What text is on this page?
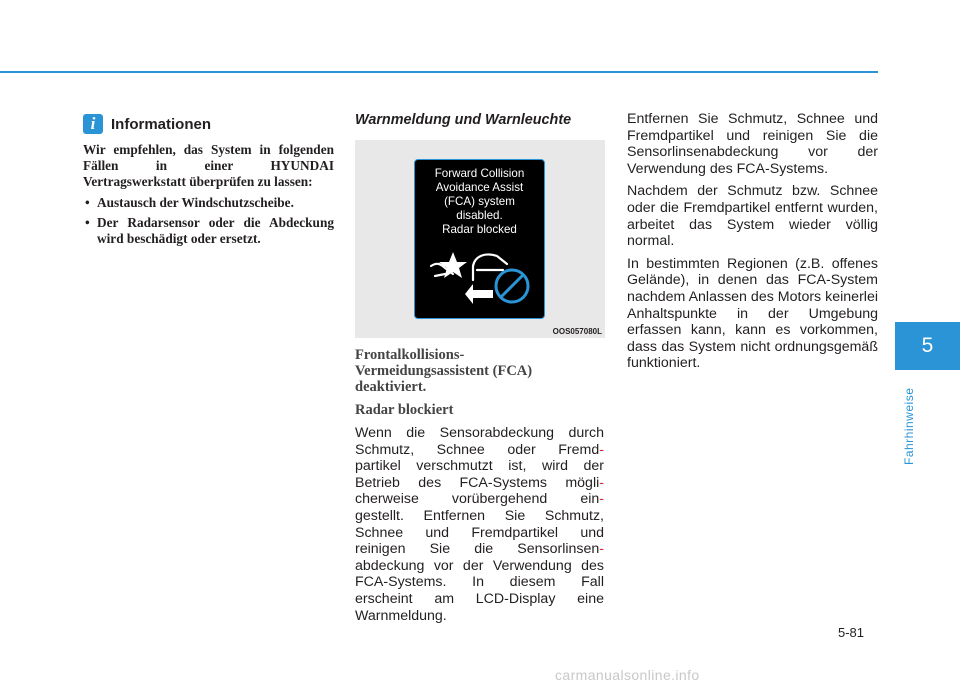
5
Fahrhinweise
i	Informationen

Wir empfehlen, das System in folgenden Fällen in einer HYUNDAI Vertragswerkstatt überprüfen zu lassen:

• Austausch der Windschutzscheibe.
• Der Radarsensor oder die Abdeckung wird beschädigt oder ersetzt.
Warnmeldung und Warnleuchte
Forward Collision
Avoidance Assist
(FCA) system
disabled.
Radar blocked
OOS057080L
Frontalkollisions-
Vermeidungsassistent (FCA)
deaktiviert.
Radar blockiert
Wenn die Sensorabdeckung durch
Schmutz, Schnee oder Fremd-
partikel verschmutzt ist, wird der
Betrieb des FCA-Systems mögli-
cherweise vorübergehend ein-
gestellt. Entfernen Sie Schmutz,
Schnee und Fremdpartikel und
reinigen Sie die Sensorlinsen-
abdeckung vor der Verwendung des
FCA-Systems. In diesem Fall
erscheint am LCD-Display eine
Warnmeldung.

Entfernen Sie Schmutz, Schnee und Fremdpartikel und reinigen Sie die Sensorlinsenabdeckung vor der Verwendung des FCA-Systems.

Nachdem der Schmutz bzw. Schnee oder die Fremdpartikel entfernt wurden, arbeitet das System wieder völlig normal.

In bestimmten Regionen (z.B. offenes Gelände), in denen das FCA-System nachdem Anlassen des Motors keinerlei Anhaltspunkte in der Umgebung erfassen kann, kann es vorkommen, dass das System nicht ordnungsgemäß funktioniert.

5-81
carmanualsonline.info
